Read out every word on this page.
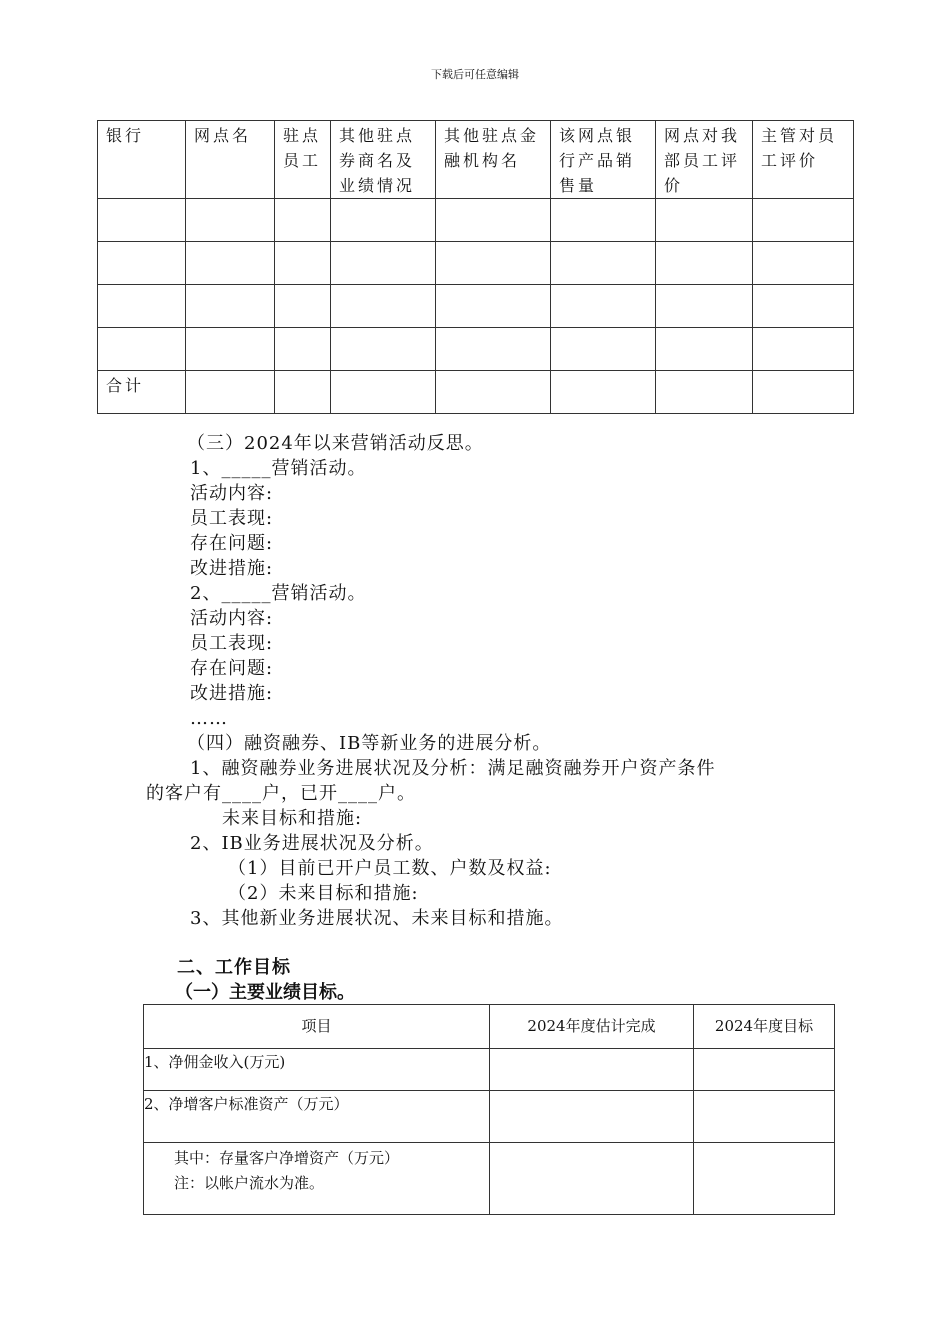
下载后可任意编辑
银行	网点名	驻点员工	其他驻点券商名及业绩情况	其他驻点金融机构名	该网点银行产品销售量	网点对我部员工评价	主管对员工评价

合计							
（三）2024年以来营销活动反思。
1、_____营销活动。
活动内容:
员工表现:
存在问题:
改进措施:
2、_____营销活动。
活动内容:
员工表现:
存在问题:
改进措施:
……
（四）融资融券、IB等新业务的进展分析。
1、融资融券业务进展状况及分析：满足融资融券开户资产条件
的客户有____户，已开____户。
未来目标和措施:
2、IB业务进展状况及分析。
（1）目前已开户员工数、户数及权益:
（2）未来目标和措施:
3、其他新业务进展状况、未来目标和措施。
二、工作目标
（一）主要业绩目标。
项目	2024年度估计完成	2024年度目标
1、净佣金收入(万元)		
2、净增客户标准资产（万元）		

其中：存量客户净增资产（万元）
注：以帐户流水为准。		
